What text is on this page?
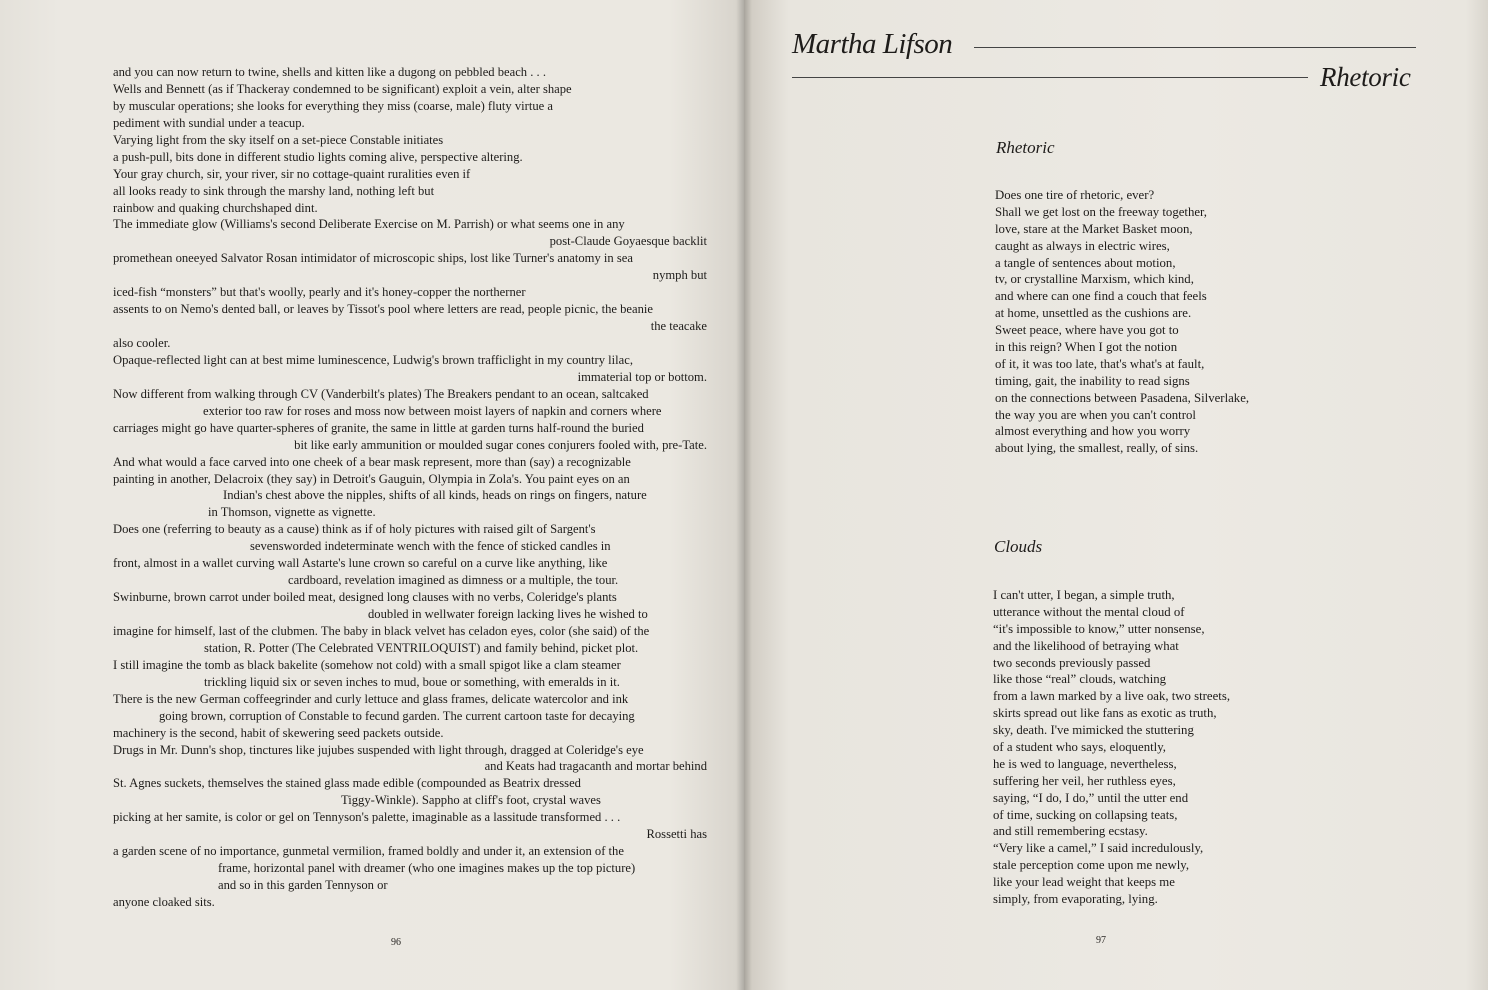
and you can now return to twine, shells and kitten like a dugong on pebbled beach . . .
Wells and Bennett (as if Thackeray condemned to be significant) exploit a vein, alter shape
by muscular operations; she looks for everything they miss (coarse, male) fluty virtue a
pediment with sundial under a teacup.
Varying light from the sky itself on a set-piece Constable initiates
a push-pull, bits done in different studio lights coming alive, perspective altering.
Your gray church, sir, your river, sir no cottage-quaint ruralities even if
all looks ready to sink through the marshy land, nothing left but
rainbow and quaking churchshaped dint.
The immediate glow (Williams's second Deliberate Exercise on M. Parrish) or what seems one in any
post-Claude Goyaesque backlit
promethean oneeyed Salvator Rosan intimidator of microscopic ships, lost like Turner's anatomy in sea
nymph but
iced-fish “monsters” but that's woolly, pearly and it's honey-copper the northerner
assents to on Nemo's dented ball, or leaves by Tissot's pool where letters are read, people picnic, the beanie
the teacake
also cooler.
Opaque-reflected light can at best mime luminescence, Ludwig's brown trafficlight in my country lilac,
immaterial top or bottom.
Now different from walking through CV (Vanderbilt's plates) The Breakers pendant to an ocean, saltcaked
exterior too raw for roses and moss now between moist layers of napkin and corners where
carriages might go have quarter-spheres of granite, the same in little at garden turns half-round the buried
bit like early ammunition or moulded sugar cones conjurers fooled with, pre-Tate.
And what would a face carved into one cheek of a bear mask represent, more than (say) a recognizable
painting in another, Delacroix (they say) in Detroit's Gauguin, Olympia in Zola's. You paint eyes on an
Indian's chest above the nipples, shifts of all kinds, heads on rings on fingers, nature
in Thomson, vignette as vignette.
Does one (referring to beauty as a cause) think as if of holy pictures with raised gilt of Sargent's
sevensworded indeterminate wench with the fence of sticked candles in
front, almost in a wallet curving wall Astarte's lune crown so careful on a curve like anything, like
cardboard, revelation imagined as dimness or a multiple, the tour.
Swinburne, brown carrot under boiled meat, designed long clauses with no verbs, Coleridge's plants
doubled in wellwater foreign lacking lives he wished to
imagine for himself, last of the clubmen. The baby in black velvet has celadon eyes, color (she said) of the
station, R. Potter (The Celebrated VENTRILOQUIST) and family behind, picket plot.
I still imagine the tomb as black bakelite (somehow not cold) with a small spigot like a clam steamer
trickling liquid six or seven inches to mud, boue or something, with emeralds in it.
There is the new German coffeegrinder and curly lettuce and glass frames, delicate watercolor and ink
going brown, corruption of Constable to fecund garden. The current cartoon taste for decaying
machinery is the second, habit of skewering seed packets outside.
Drugs in Mr. Dunn's shop, tinctures like jujubes suspended with light through, dragged at Coleridge's eye
and Keats had tragacanth and mortar behind
St. Agnes suckets, themselves the stained glass made edible (compounded as Beatrix dressed
Tiggy-Winkle). Sappho at cliff's foot, crystal waves
picking at her samite, is color or gel on Tennyson's palette, imaginable as a lassitude transformed . . .
Rossetti has
a garden scene of no importance, gunmetal vermilion, framed boldly and under it, an extension of the
frame, horizontal panel with dreamer (who one imagines makes up the top picture)
and so in this garden Tennyson or
anyone cloaked sits.
96
Martha Lifson
Rhetoric
Rhetoric
Does one tire of rhetoric, ever?
Shall we get lost on the freeway together,
love, stare at the Market Basket moon,
caught as always in electric wires,
a tangle of sentences about motion,
tv, or crystalline Marxism, which kind,
and where can one find a couch that feels
at home, unsettled as the cushions are.
Sweet peace, where have you got to
in this reign? When I got the notion
of it, it was too late, that's what's at fault,
timing, gait, the inability to read signs
on the connections between Pasadena, Silverlake,
the way you are when you can't control
almost everything and how you worry
about lying, the smallest, really, of sins.
Clouds
I can't utter, I began, a simple truth,
utterance without the mental cloud of
“it's impossible to know,” utter nonsense,
and the likelihood of betraying what
two seconds previously passed
like those “real” clouds, watching
from a lawn marked by a live oak, two streets,
skirts spread out like fans as exotic as truth,
sky, death. I've mimicked the stuttering
of a student who says, eloquently,
he is wed to language, nevertheless,
suffering her veil, her ruthless eyes,
saying, “I do, I do,” until the utter end
of time, sucking on collapsing teats,
and still remembering ecstasy.
“Very like a camel,” I said incredulously,
stale perception come upon me newly,
like your lead weight that keeps me
simply, from evaporating, lying.
97
